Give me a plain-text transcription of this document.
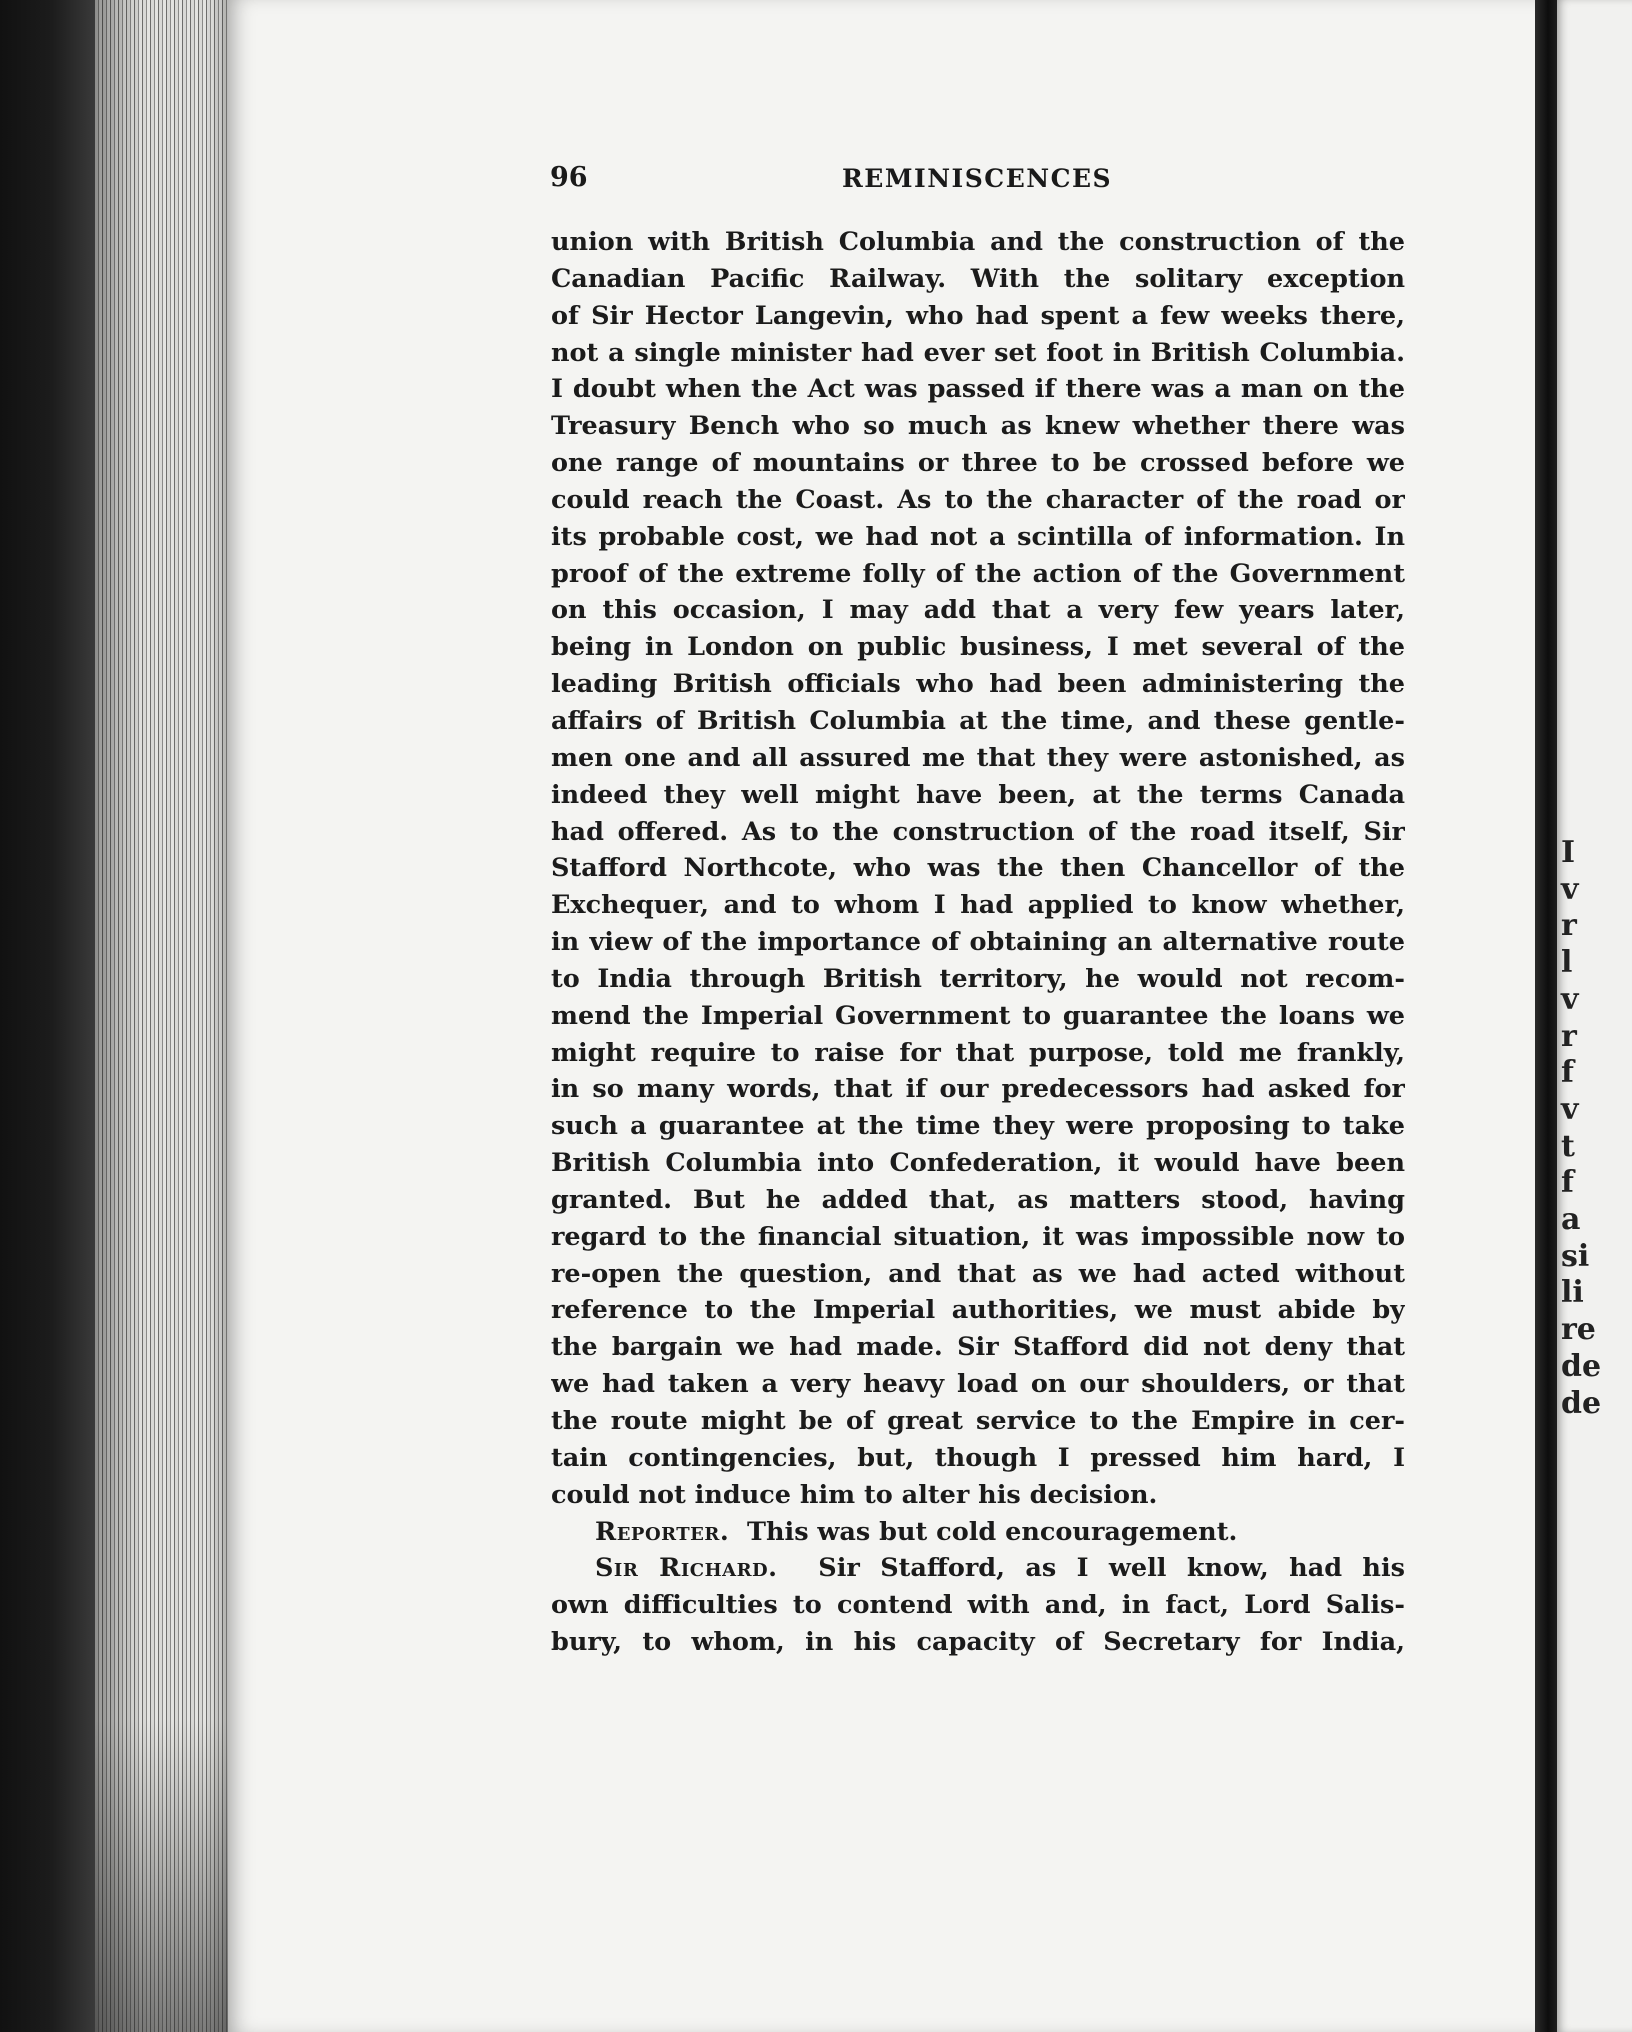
96	REMINISCENCES
union with British Columbia and the construction of the
Canadian Pacific Railway. With the solitary exception
of Sir Hector Langevin, who had spent a few weeks there,
not a single minister had ever set foot in British Columbia.
I doubt when the Act was passed if there was a man on the
Treasury Bench who so much as knew whether there was
one range of mountains or three to be crossed before we
could reach the Coast. As to the character of the road or
its probable cost, we had not a scintilla of information. In
proof of the extreme folly of the action of the Government
on this occasion, I may add that a very few years later,
being in London on public business, I met several of the
leading British officials who had been administering the
affairs of British Columbia at the time, and these gentle-
men one and all assured me that they were astonished, as
indeed they well might have been, at the terms Canada
had offered. As to the construction of the road itself, Sir
Stafford Northcote, who was the then Chancellor of the
Exchequer, and to whom I had applied to know whether,
in view of the importance of obtaining an alternative route
to India through British territory, he would not recom-
mend the Imperial Government to guarantee the loans we
might require to raise for that purpose, told me frankly,
in so many words, that if our predecessors had asked for
such a guarantee at the time they were proposing to take
British Columbia into Confederation, it would have been
granted. But he added that, as matters stood, having
regard to the financial situation, it was impossible now to
re-open the question, and that as we had acted without
reference to the Imperial authorities, we must abide by
the bargain we had made. Sir Stafford did not deny that
we had taken a very heavy load on our shoulders, or that
the route might be of great service to the Empire in cer-
tain contingencies, but, though I pressed him hard, I
could not induce him to alter his decision.
Reporter. This was but cold encouragement.
Sir Richard. Sir Stafford, as I well know, had his
own difficulties to contend with and, in fact, Lord Salis-
bury, to whom, in his capacity of Secretary for India,
I
v
r
l
v
r
f
v
t
f
a
si
li
re
de
de
